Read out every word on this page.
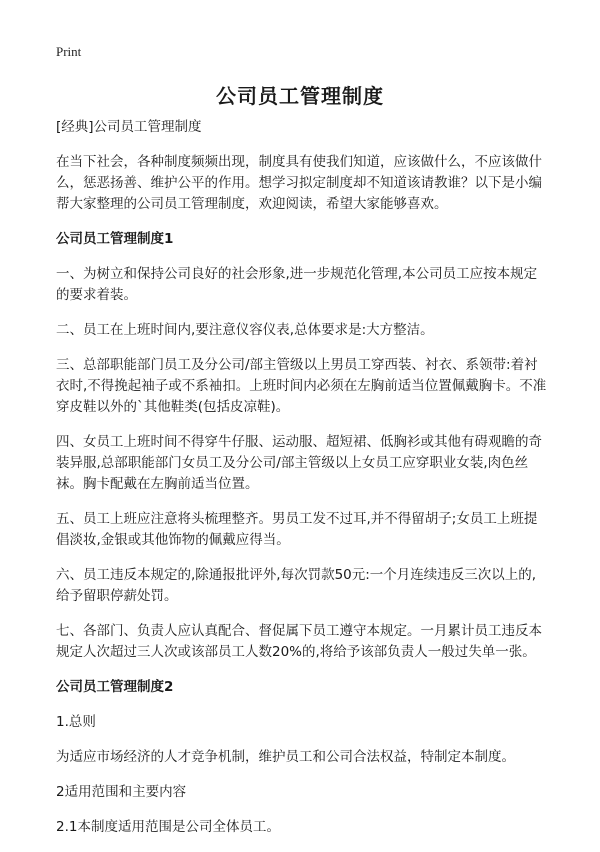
Print
公司员工管理制度

[经典]公司员工管理制度

在当下社会，各种制度频频出现，制度具有使我们知道，应该做什么，不应该做什么，惩恶扬善、维护公平的作用。想学习拟定制度却不知道该请教谁？以下是小编帮大家整理的公司员工管理制度，欢迎阅读，希望大家能够喜欢。

公司员工管理制度1

一、为树立和保持公司良好的社会形象,进一步规范化管理,本公司员工应按本规定的要求着装。

二、员工在上班时间内,要注意仪容仪表,总体要求是:大方整洁。

三、总部职能部门员工及分公司/部主管级以上男员工穿西装、衬衣、系领带:着衬衣时,不得挽起袖子或不系袖扣。上班时间内必须在左胸前适当位置佩戴胸卡。不准穿皮鞋以外的`其他鞋类(包括皮凉鞋)。

四、女员工上班时间不得穿牛仔服、运动服、超短裙、低胸衫或其他有碍观瞻的奇装异服,总部职能部门女员工及分公司/部主管级以上女员工应穿职业女装,肉色丝袜。胸卡配戴在左胸前适当位置。

五、员工上班应注意将头梳理整齐。男员工发不过耳,并不得留胡子;女员工上班提倡淡妆,金银或其他饰物的佩戴应得当。

六、员工违反本规定的,除通报批评外,每次罚款50元:一个月连续违反三次以上的,给予留职停薪处罚。

七、各部门、负责人应认真配合、督促属下员工遵守本规定。一月累计员工违反本规定人次超过三人次或该部员工人数20%的,将给予该部负责人一般过失单一张。

公司员工管理制度2

1.总则

为适应市场经济的人才竞争机制，维护员工和公司合法权益，特制定本制度。

2适用范围和主要内容

2.1本制度适用范围是公司全体员工。
